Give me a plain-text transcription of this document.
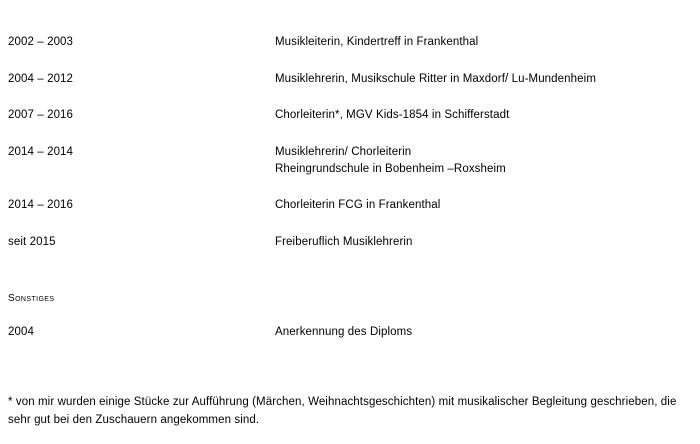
2002 – 2003	Musikleiterin, Kindertreff in Frankenthal
2004 – 2012	Musiklehrerin, Musikschule Ritter in Maxdorf/ Lu-Mundenheim
2007 – 2016	Chorleiterin*, MGV Kids-1854 in Schifferstadt
2014 – 2014	Musiklehrerin/ Chorleiterin
Rheingrundschule in Bobenheim –Roxsheim
2014 – 2016	Chorleiterin FCG in Frankenthal
seit 2015	Freiberuflich Musiklehrerin
Sonstiges
2004	Anerkennung des Diploms
* von mir wurden einige Stücke zur Aufführung (Märchen, Weihnachtsgeschichten) mit musikalischer Begleitung geschrieben, die sehr gut bei den Zuschauern angekommen sind.
